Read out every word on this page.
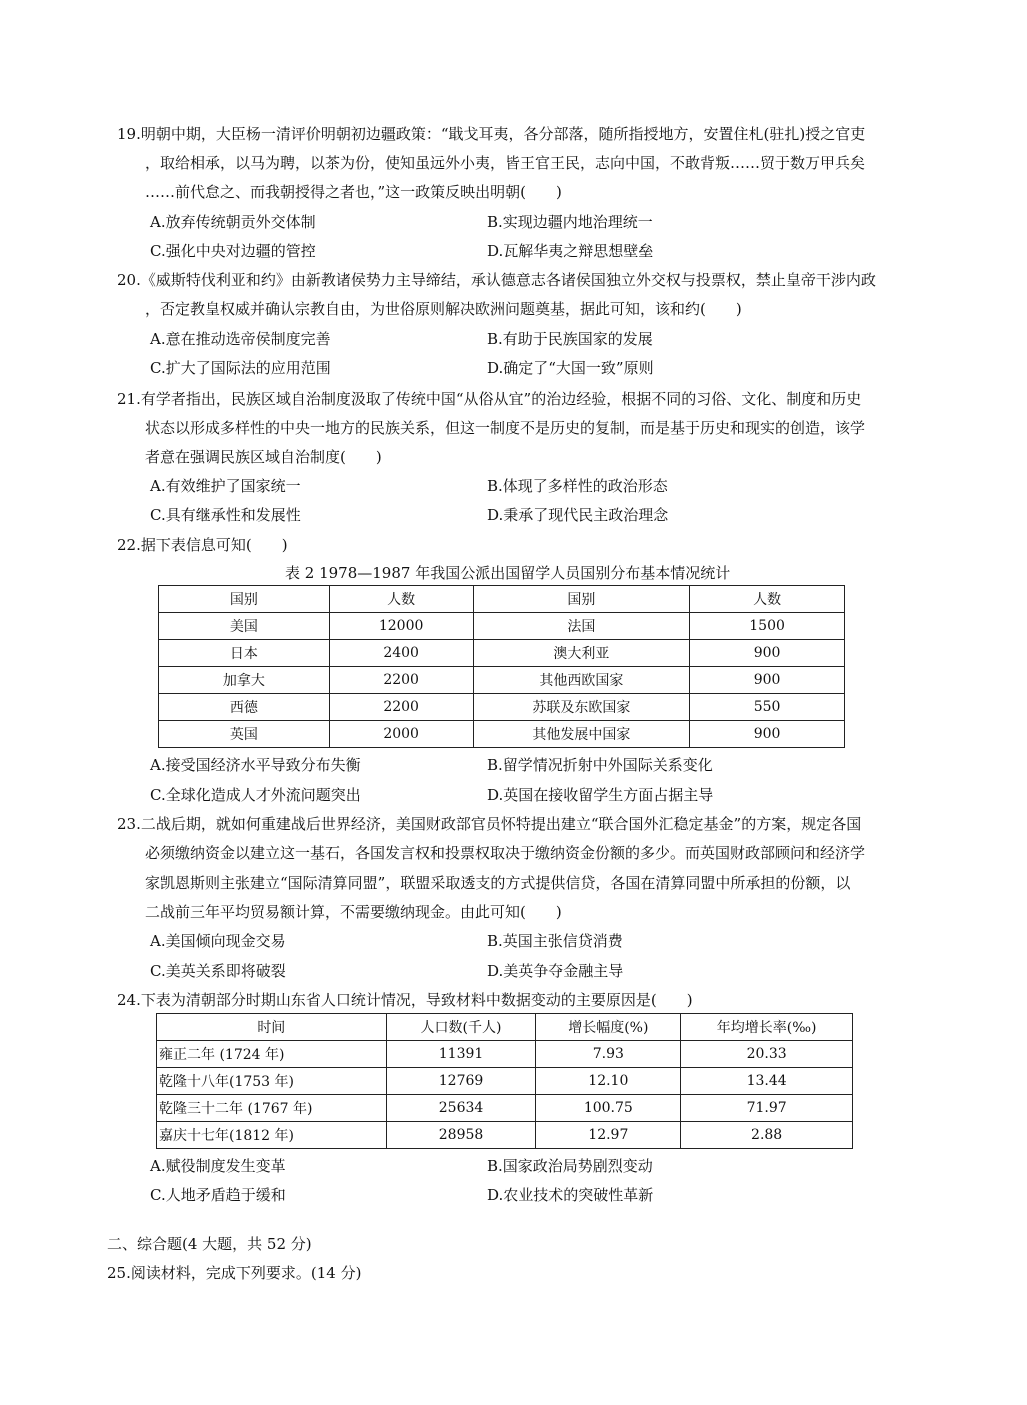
19.明朝中期，大臣杨一清评价明朝初边疆政策：“戢戈耳夷，各分部落，随所指授地方，安置住札(驻扎)授之官吏
，取给相承，以马为聘，以茶为份，使知虽远外小夷，皆王官王民，志向中国，不敢背叛……贸于数万甲兵矣
……前代怠之、而我朝授得之者也，”这一政策反映出明朝(　　)
A.放弃传统朝贡外交体制	B.实现边疆内地治理统一
C.强化中央对边疆的管控	D.瓦解华夷之辩思想壁垒
20.《威斯特伐利亚和约》由新教诸侯势力主导缔结，承认德意志各诸侯国独立外交权与投票权，禁止皇帝干涉内政
，否定教皇权威并确认宗教自由，为世俗原则解决欧洲问题奠基，据此可知，该和约(　　)
A.意在推动选帝侯制度完善	B.有助于民族国家的发展
C.扩大了国际法的应用范围	D.确定了“大国一致”原则
21.有学者指出，民族区域自治制度汲取了传统中国“从俗从宜”的治边经验，根据不同的习俗、文化、制度和历史
状态以形成多样性的中央一地方的民族关系，但这一制度不是历史的复制，而是基于历史和现实的创造，该学
者意在强调民族区域自治制度(　　)
A.有效维护了国家统一	B.体现了多样性的政治形态
C.具有继承性和发展性	D.秉承了现代民主政治理念
22.据下表信息可知(　　)
表 2 1978—1987 年我国公派出国留学人员国别分布基本情况统计
国别	人数	国别	人数
美国	12000	法国	1500
日本	2400	澳大利亚	900
加拿大	2200	其他西欧国家	900
西德	2200	苏联及东欧国家	550
英国	2000	其他发展中国家	900
A.接受国经济水平导致分布失衡	B.留学情况折射中外国际关系变化
C.全球化造成人才外流问题突出	D.英国在接收留学生方面占据主导
23.二战后期，就如何重建战后世界经济，美国财政部官员怀特提出建立“联合国外汇稳定基金”的方案，规定各国
必须缴纳资金以建立这一基石，各国发言权和投票权取决于缴纳资金份额的多少。而英国财政部顾问和经济学
家凯恩斯则主张建立“国际清算同盟”，联盟采取透支的方式提供信贷，各国在清算同盟中所承担的份额，以
二战前三年平均贸易额计算，不需要缴纳现金。由此可知(　　)
A.美国倾向现金交易	B.英国主张信贷消费
C.美英关系即将破裂	D.美英争夺金融主导
24.下表为清朝部分时期山东省人口统计情况，导致材料中数据变动的主要原因是(　　)
时间	人口数(千人)	增长幅度(%)	年均增长率(‰)
雍正二年 (1724 年)	11391	7.93	20.33
乾隆十八年(1753 年)	12769	12.10	13.44
乾隆三十二年 (1767 年)	25634	100.75	71.97
嘉庆十七年(1812 年)	28958	12.97	2.88
A.赋役制度发生变革	B.国家政治局势剧烈变动
C.人地矛盾趋于缓和	D.农业技术的突破性革新
二、综合题(4 大题，共 52 分)
25.阅读材料，完成下列要求。(14 分)
